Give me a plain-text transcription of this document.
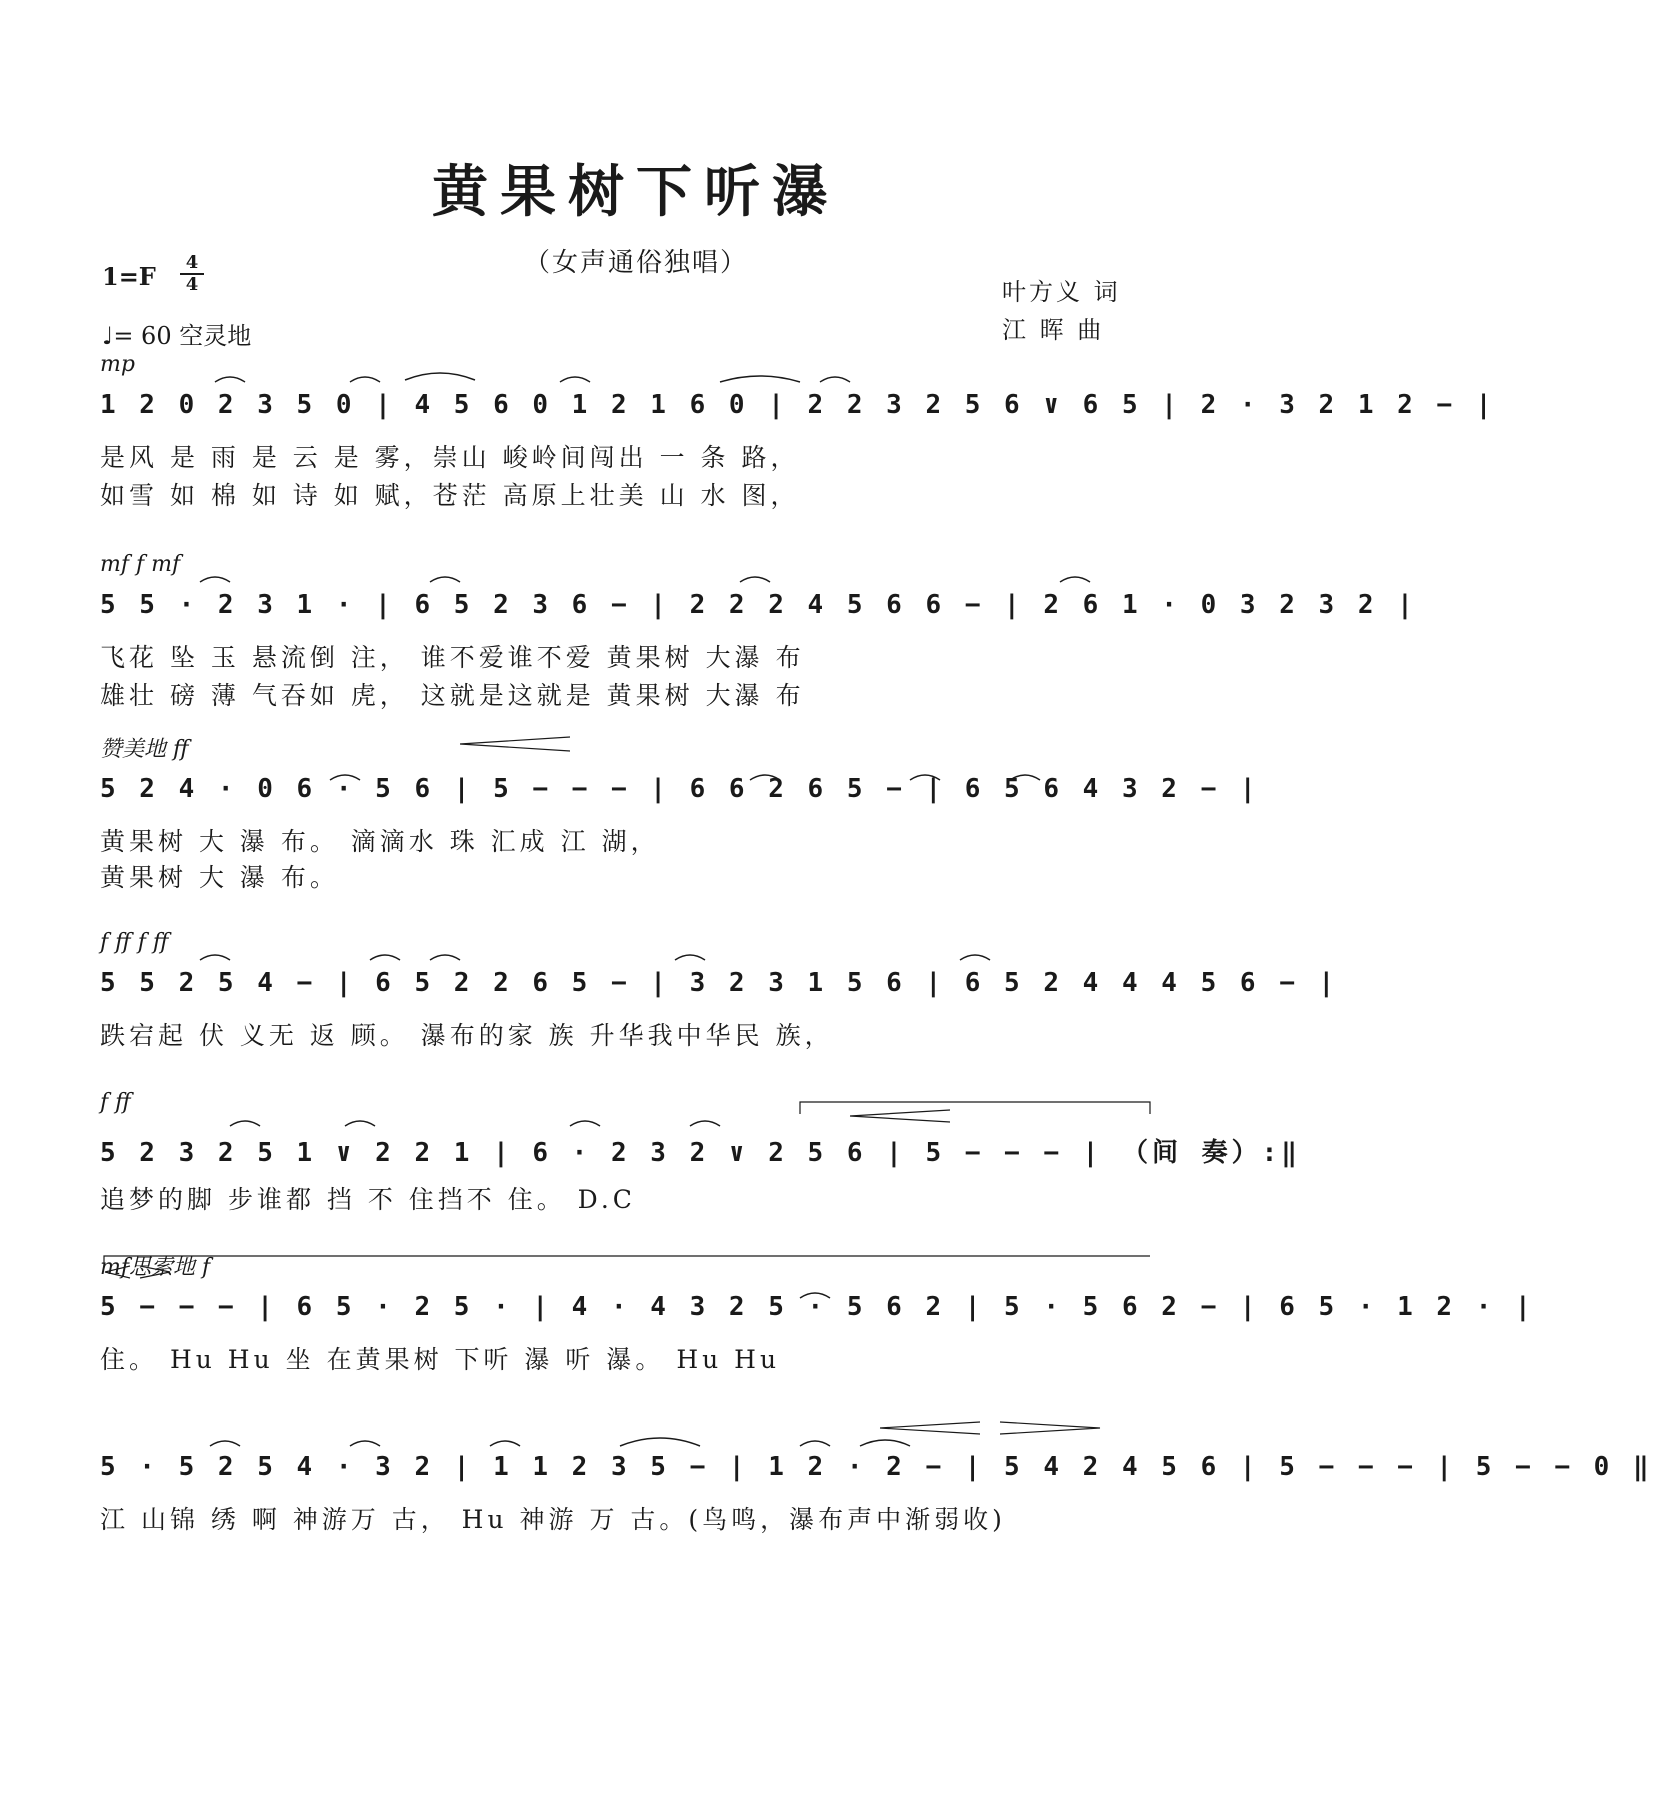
黄果树下听瀑
（女声通俗独唱）
1=F	4
4
♩= 60 空灵地
叶方义 词
江 晖 曲
mp
1 2 0 2 3 5 0 | 4 5 6 0 1 2 1 6 0 | 2 2 3 2 5 6 ∨ 6 5 | 2 · 3 2 1 2 − |
是风 是 雨 是 云 是 雾，崇山 峻岭间闯出 一 条 路，
如雪 如 棉 如 诗 如 赋，苍茫 高原上壮美 山 水 图，
mf f mf
5 5 · 2 3 1 · | 6 5 2 3 6 − | 2 2 2 4 5 6 6 − | 2 6 1 · 0 3 2 3 2 |
飞花 坠 玉 悬流倒 注， 谁不爱谁不爱 黄果树 大瀑 布
雄壮 磅 薄 气吞如 虎， 这就是这就是 黄果树 大瀑 布
赞美地 ff
5 2 4 · 0 6 · 5 6 | 5 − − − | 6 6 2 6 5 − | 6 5 6 4 3 2 − |
黄果树 大 瀑 布。 滴滴水 珠 汇成 江 湖，
黄果树 大 瀑 布。
f ff f ff
5 5 2 5 4 − | 6 5 2 2 6 5 − | 3 2 3 1 5 6 | 6 5 2 4 4 4 5 6 − |
跌宕起 伏 义无 返 顾。 瀑布的家 族 升华我中华民 族，
f ff
5 2 3 2 5 1 ∨ 2 2 1 | 6 · 2 3 2 ∨ 2 5 6 | 5 − − − | （间 奏）:‖
追梦的脚 步谁都 挡 不 住挡不 住。 D.C
mf思索地 f
5 − − − | 6 5 · 2 5 · | 4 · 4 3 2 5 · 5 6 2 | 5 · 5 6 2 − | 6 5 · 1 2 · |
住。 Hu Hu 坐 在黄果树 下听 瀑 听 瀑。 Hu Hu
5 · 5 2 5 4 · 3 2 | 1 1 2 3 5 − | 1 2 · 2 − | 5 4 2 4 5 6 | 5 − − − | 5 − − 0 ‖
江 山锦 绣 啊 神游万 古， Hu 神游 万 古。(鸟鸣，瀑布声中渐弱收)
